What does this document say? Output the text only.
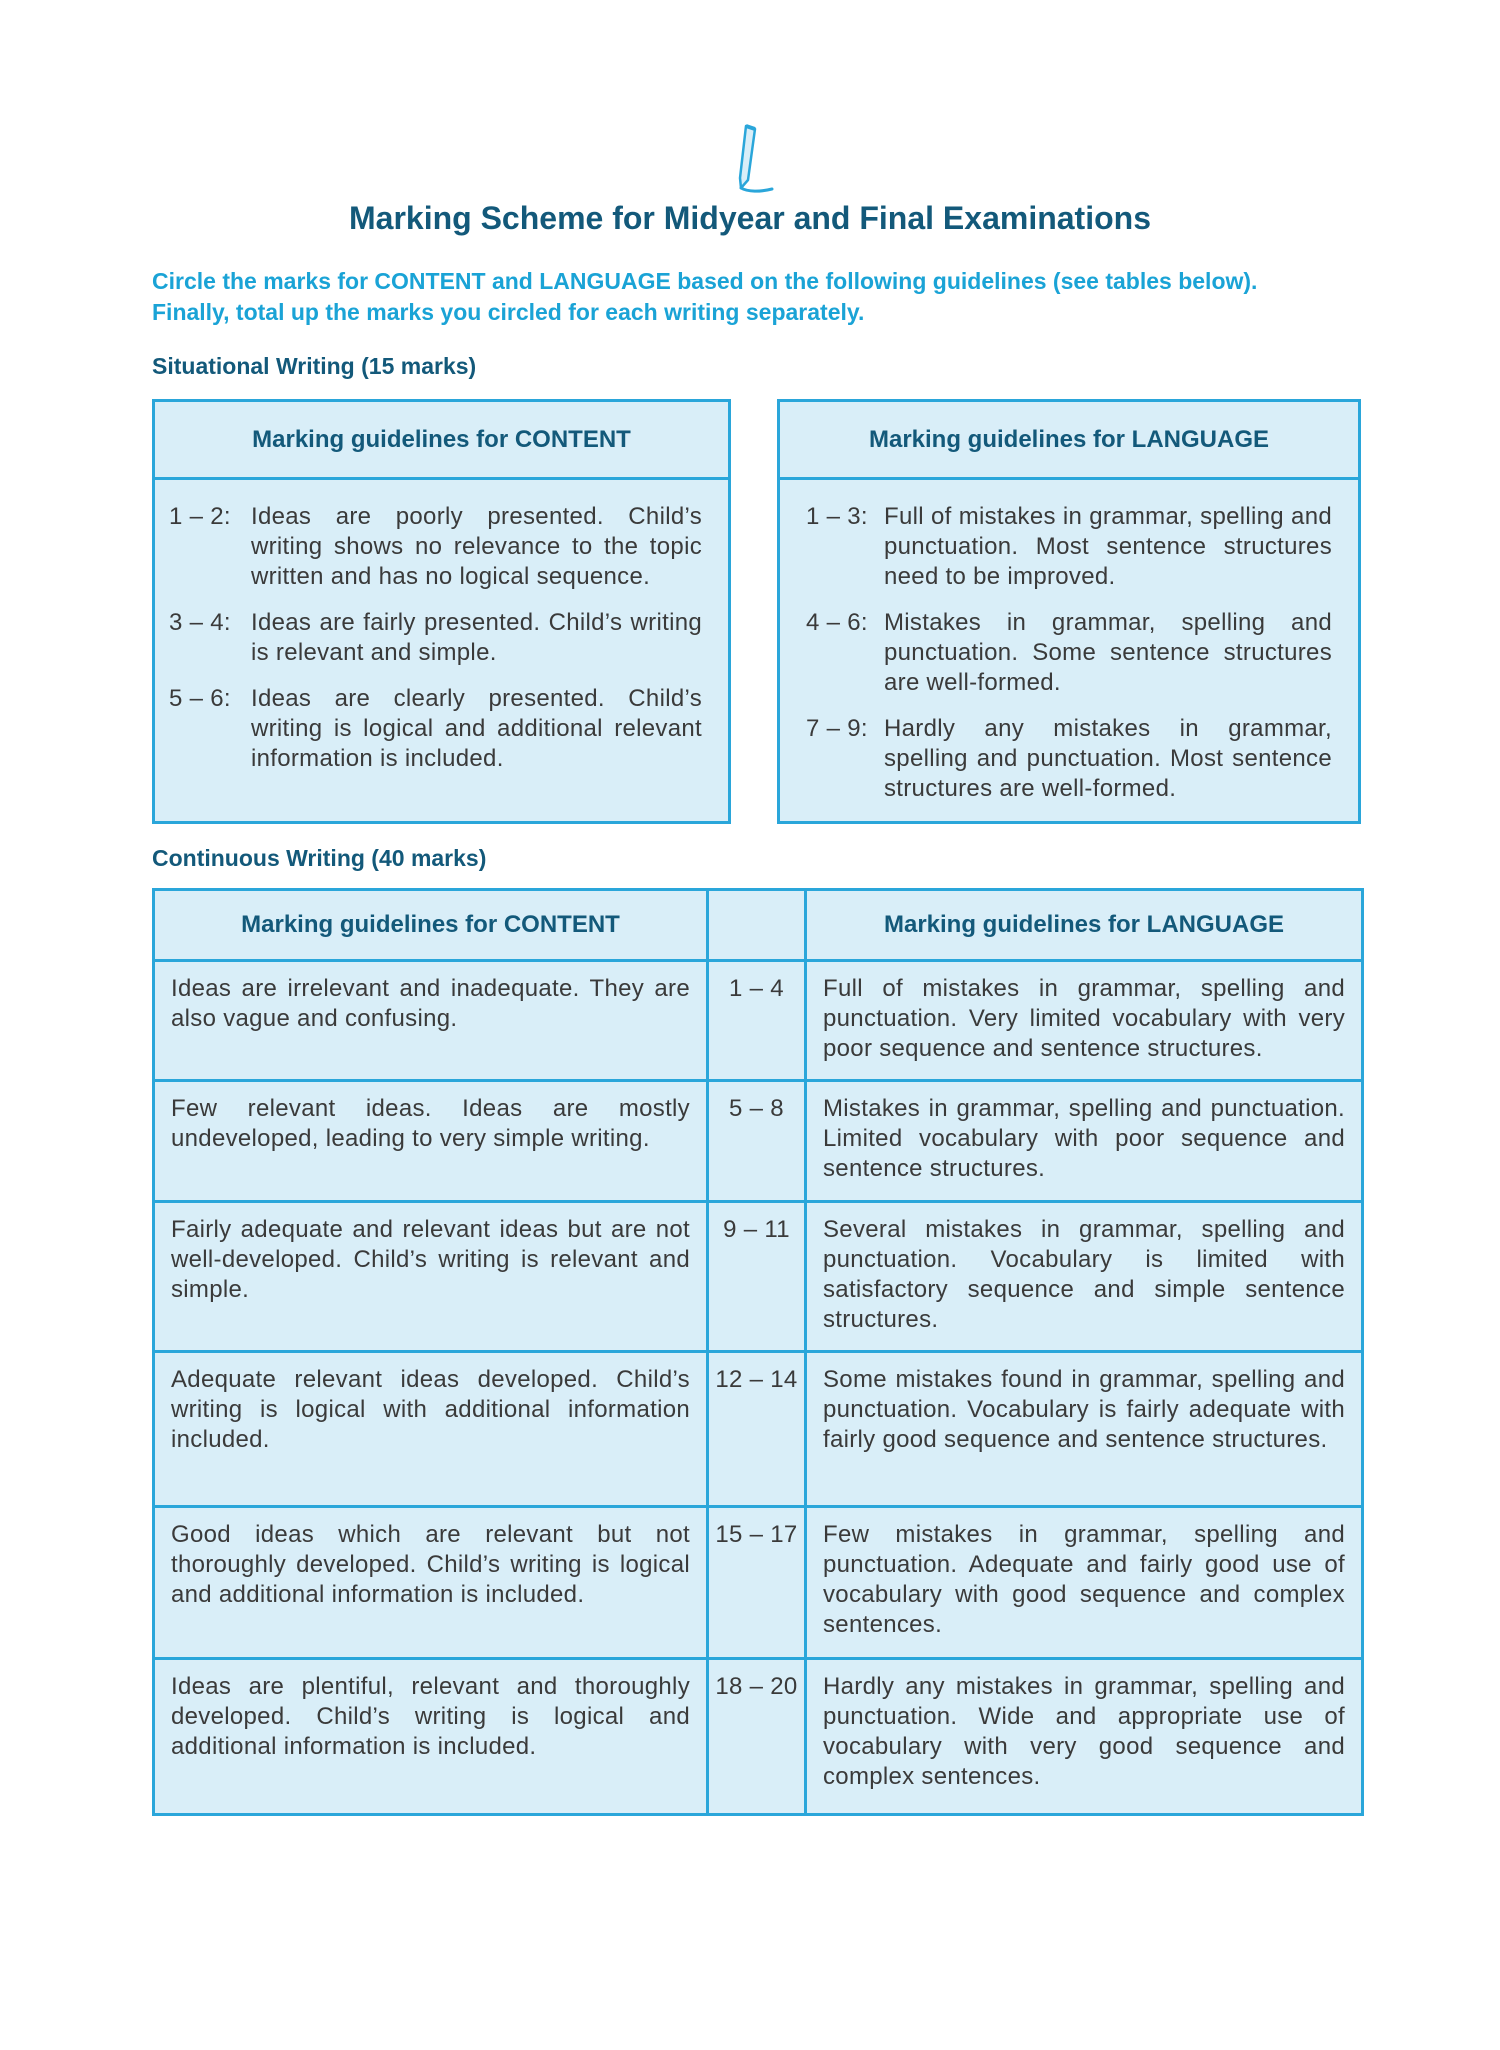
Marking Scheme for Midyear and Final Examinations
Circle the marks for CONTENT and LANGUAGE based on the following guidelines (see tables below).
Finally, total up the marks you circled for each writing separately.
Situational Writing (15 marks)
Marking guidelines for CONTENT
1 – 2: Ideas are poorly presented. Child’s writing shows no relevance to the topic written and has no logical sequence.
3 – 4: Ideas are fairly presented. Child’s writing is relevant and simple.
5 – 6: Ideas are clearly presented. Child’s writing is logical and additional relevant information is included.
Marking guidelines for LANGUAGE
1 – 3: Full of mistakes in grammar, spelling and punctuation. Most sentence structures need to be improved.
4 – 6: Mistakes in grammar, spelling and punctuation. Some sentence structures are well-formed.
7 – 9: Hardly any mistakes in grammar, spelling and punctuation. Most sentence structures are well-formed.
Continuous Writing (40 marks)
Marking guidelines for CONTENT		Marking guidelines for LANGUAGE
Ideas are irrelevant and inadequate. They are also vague and confusing.	1 – 4	Full of mistakes in grammar, spelling and punctuation. Very limited vocabulary with very poor sequence and sentence structures.
Few relevant ideas. Ideas are mostly undeveloped, leading to very simple writing.	5 – 8	Mistakes in grammar, spelling and punctuation. Limited vocabulary with poor sequence and sentence structures.
Fairly adequate and relevant ideas but are not well-developed. Child’s writing is relevant and simple.	9 – 11	Several mistakes in grammar, spelling and punctuation. Vocabulary is limited with satisfactory sequence and simple sentence structures.
Adequate relevant ideas developed. Child’s writing is logical with additional information included.	12 – 14	Some mistakes found in grammar, spelling and punctuation. Vocabulary is fairly adequate with fairly good sequence and sentence structures.
Good ideas which are relevant but not thoroughly developed. Child’s writing is logical and additional information is included.	15 – 17	Few mistakes in grammar, spelling and punctuation. Adequate and fairly good use of vocabulary with good sequence and complex sentences.
Ideas are plentiful, relevant and thoroughly developed. Child’s writing is logical and additional information is included.	18 – 20	Hardly any mistakes in grammar, spelling and punctuation. Wide and appropriate use of vocabulary with very good sequence and complex sentences.
